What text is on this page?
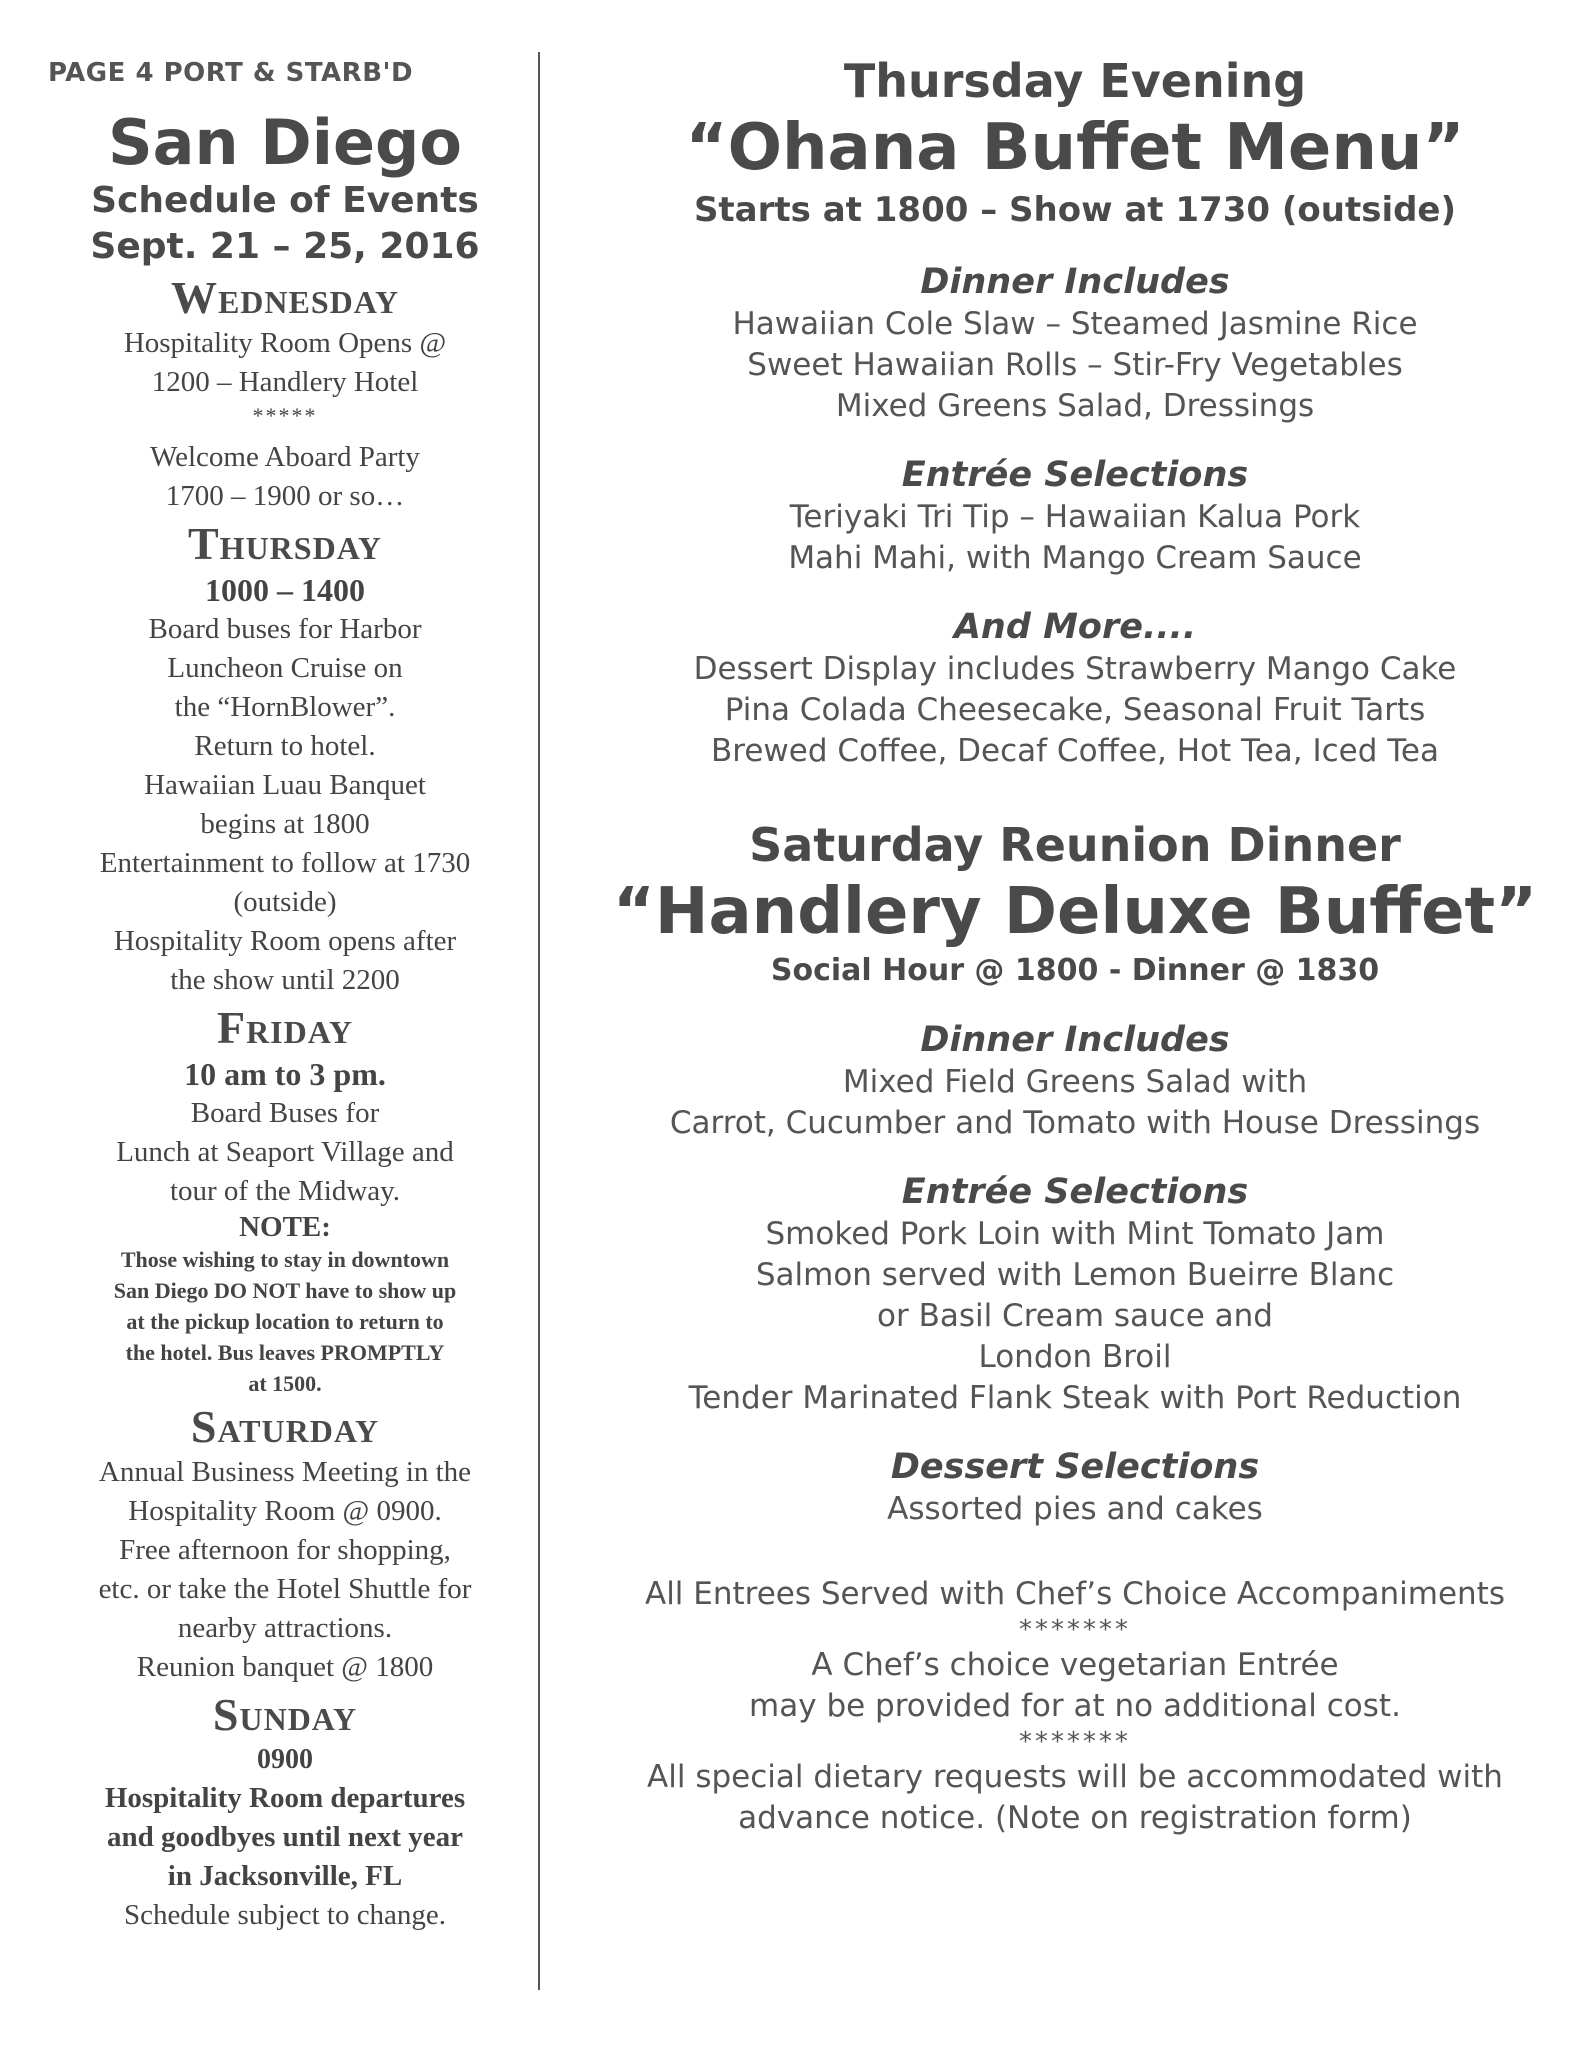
PAGE 4 PORT & STARB'D
San Diego
Schedule of Events
Sept. 21 – 25, 2016
Wednesday
Hospitality Room Opens @
1200 – Handlery Hotel
*****
Welcome Aboard Party
1700 – 1900 or so…
Thursday
1000 – 1400
Board buses for Harbor
Luncheon Cruise on
the “HornBlower”.
Return to hotel.
Hawaiian Luau Banquet
begins at 1800
Entertainment to follow at 1730
(outside)
Hospitality Room opens after
the show until 2200
Friday
10 am to 3 pm.
Board Buses for
Lunch at Seaport Village and
tour of the Midway.
NOTE:
Those wishing to stay in downtown
San Diego DO NOT have to show up
at the pickup location to return to
the hotel. Bus leaves PROMPTLY
at 1500.
Saturday
Annual Business Meeting in the
Hospitality Room @ 0900.
Free afternoon for shopping,
etc. or take the Hotel Shuttle for
nearby attractions.
Reunion banquet @ 1800
Sunday
0900
Hospitality Room departures
and goodbyes until next year
in Jacksonville, FL
Schedule subject to change.
Thursday Evening
“Ohana Buffet Menu”
Starts at 1800 – Show at 1730 (outside)
Dinner Includes
Hawaiian Cole Slaw – Steamed Jasmine Rice
Sweet Hawaiian Rolls – Stir-Fry Vegetables
Mixed Greens Salad, Dressings
Entrée Selections
Teriyaki Tri Tip – Hawaiian Kalua Pork
Mahi Mahi, with Mango Cream Sauce
And More....
Dessert Display includes Strawberry Mango Cake
Pina Colada Cheesecake, Seasonal Fruit Tarts
Brewed Coffee, Decaf Coffee, Hot Tea, Iced Tea
Saturday Reunion Dinner
“Handlery Deluxe Buffet”
Social Hour @ 1800 - Dinner @ 1830
Dinner Includes
Mixed Field Greens Salad with
Carrot, Cucumber and Tomato with House Dressings
Entrée Selections
Smoked Pork Loin with Mint Tomato Jam
Salmon served with Lemon Bueirre Blanc
or Basil Cream sauce and
London Broil
Tender Marinated Flank Steak with Port Reduction
Dessert Selections
Assorted pies and cakes
All Entrees Served with Chef’s Choice Accompaniments
*******
A Chef’s choice vegetarian Entrée
may be provided for at no additional cost.
*******
All special dietary requests will be accommodated with
advance notice. (Note on registration form)
